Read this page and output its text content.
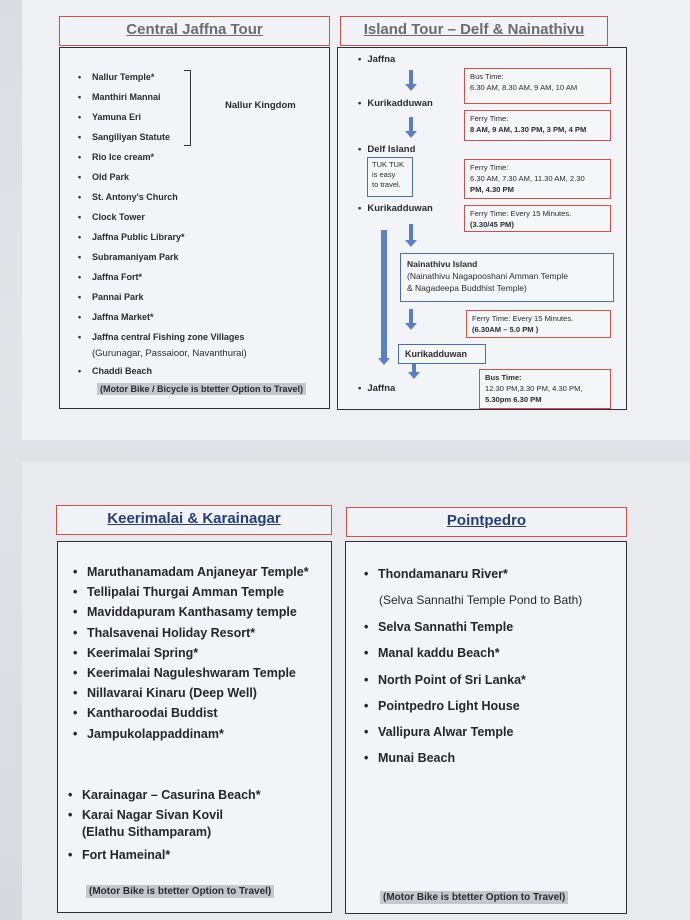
Central Jaffna Tour
• Nallur Temple*
• Manthiri Mannai
• Yamuna Eri
• Sangiliyan Statute
• Rio Ice cream*
• Old Park
• St. Antony's Church
• Clock Tower
• Jaffna Public Library*
• Subramaniyam Park
• Jaffna Fort*
• Pannai Park
• Jaffna Market*
• Jaffna central Fishing zone Villages
(Gurunagar, Passaioor, Navanthurai)
• Chaddi Beach
Nallur Kingdom
(Motor Bike / Bicycle is btetter Option to Travel)
Island Tour – Delf & Nainathivu
• Jaffna
• Kurikadduwan
• Delf Island
• Kurikadduwan
• Jaffna
TUK TUK
is easy
to travel.
Nainathivu Island
(Nainathivu Nagapooshani Amman Temple
& Nagadeepa Buddhist Temple)
Kurikadduwan
Bus Time:
6.30 AM, 8.30 AM, 9 AM, 10 AM
Ferry Time:
8 AM, 9 AM, 1.30 PM, 3 PM, 4 PM
Ferry Time:
6.30 AM, 7.30 AM, 11.30 AM, 2.30
PM, 4.30 PM
Ferry Time: Every 15 Minutes.
(3.30/45 PM)
Ferry Time: Every 15 Minutes.
(6.30AM – 5.0 PM )
Bus Time:
12.30 PM,3.30 PM, 4.30 PM,
5.30pm 6.30 PM
Keerimalai & Karainagar
• Maruthanamadam Anjaneyar Temple*
• Tellipalai Thurgai Amman Temple
• Maviddapuram Kanthasamy temple
• Thalsavenai Holiday Resort*
• Keerimalai Spring*
• Keerimalai Naguleshwaram Temple
• Nillavarai Kinaru (Deep Well)
• Kantharoodai Buddist
• Jampukolappaddinam*
• Karainagar – Casurina Beach*
• Karai Nagar Sivan Kovil
(Elathu Sithamparam)
• Fort Hameinal*
(Motor Bike is btetter Option to Travel)
Pointpedro
• Thondamanaru River*
(Selva Sannathi Temple Pond to Bath)
• Selva Sannathi Temple
• Manal kaddu Beach*
• North Point of Sri Lanka*
• Pointpedro Light House
• Vallipura Alwar Temple
• Munai Beach
(Motor Bike is btetter Option to Travel)
